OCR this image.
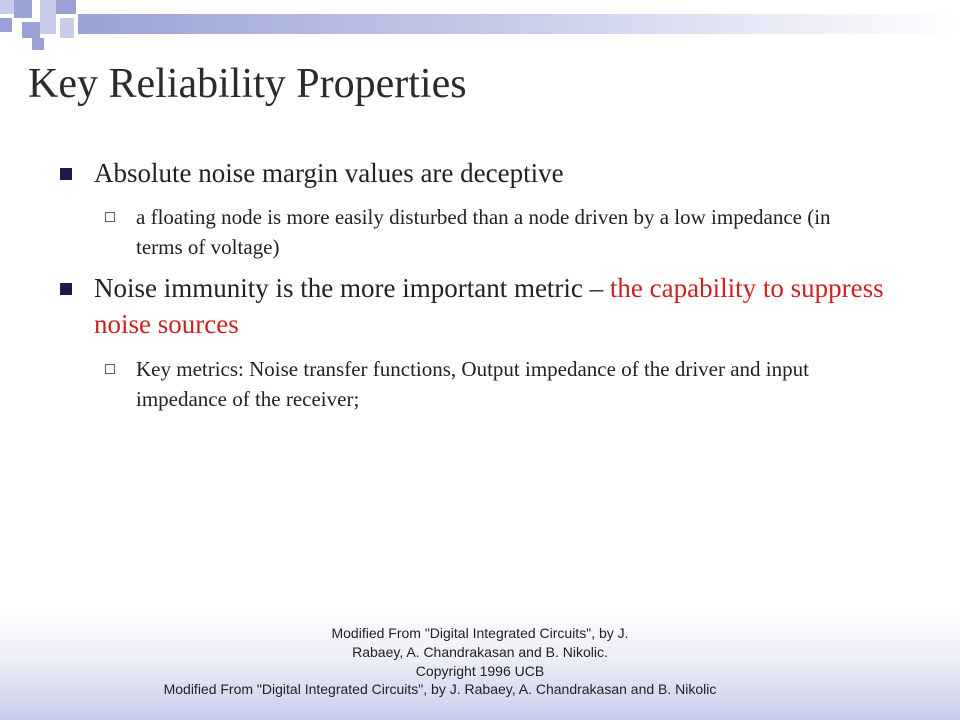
Key Reliability Properties
Absolute noise margin values are deceptive
a floating node is more easily disturbed than a node driven by a low impedance (in terms of voltage)
Noise immunity is the more important metric – the capability to suppress noise sources
Key metrics: Noise transfer functions, Output impedance of the driver and input impedance of the receiver;
Modified From "Digital Integrated Circuits", by J. Rabaey, A. Chandrakasan and B. Nikolic. Copyright 1996 UCB
Modified From "Digital Integrated Circuits", by J. Rabaey, A. Chandrakasan and B. Nikolic
